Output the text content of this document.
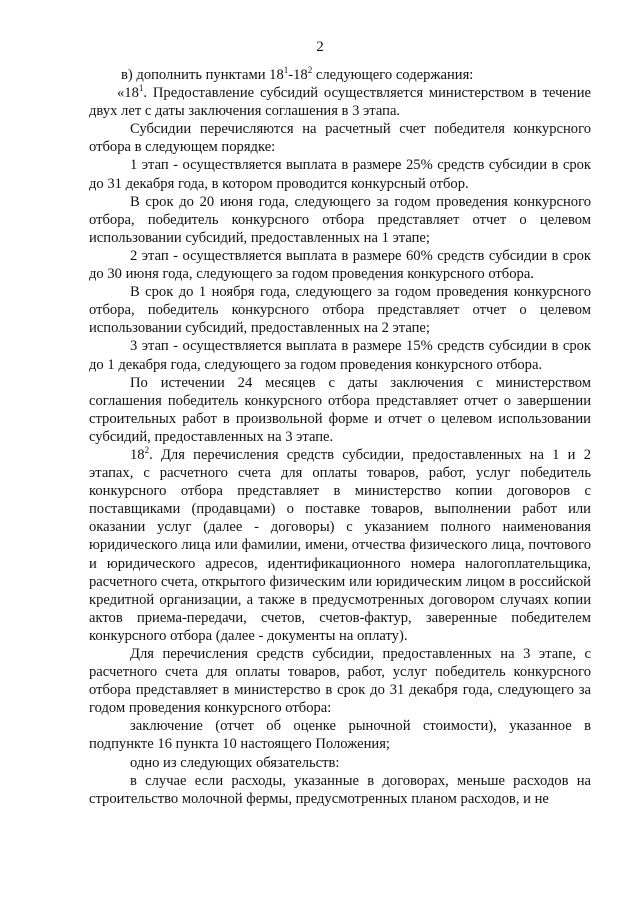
2

в) дополнить пунктами $18^1-18^2$ следующего содержания:

«$18^1$. Предоставление субсидий осуществляется министерством в течение двух лет с даты заключения соглашения в 3 этапа.

Субсидии перечисляются на расчетный счет победителя конкурсного отбора в следующем порядке:

1 этап - осуществляется выплата в размере 25% средств субсидии в срок до 31 декабря года, в котором проводится конкурсный отбор.

В срок до 20 июня года, следующего за годом проведения конкурсного отбора, победитель конкурсного отбора представляет отчет о целевом использовании субсидий, предоставленных на 1 этапе;

2 этап - осуществляется выплата в размере 60% средств субсидии в срок до 30 июня года, следующего за годом проведения конкурсного отбора.

В срок до 1 ноября года, следующего за годом проведения конкурсного отбора, победитель конкурсного отбора представляет отчет о целевом использовании субсидий, предоставленных на 2 этапе;

3 этап - осуществляется выплата в размере 15% средств субсидии в срок до 1 декабря года, следующего за годом проведения конкурсного отбора.

По истечении 24 месяцев с даты заключения с министерством соглашения победитель конкурсного отбора представляет отчет о завершении строительных работ в произвольной форме и отчет о целевом использовании субсидий, предоставленных на 3 этапе.

$18^2$. Для перечисления средств субсидии, предоставленных на 1 и 2 этапах, с расчетного счета для оплаты товаров, работ, услуг победитель конкурсного отбора представляет в министерство копии договоров с поставщиками (продавцами) о поставке товаров, выполнении работ или оказании услуг (далее - договоры) с указанием полного наименования юридического лица или фамилии, имени, отчества физического лица, почтового и юридического адресов, идентификационного номера налогоплательщика, расчетного счета, открытого физическим или юридическим лицом в российской кредитной организации, а также в предусмотренных договором случаях копии актов приема-передачи, счетов, счетов-фактур, заверенные победителем конкурсного отбора (далее - документы на оплату).

Для перечисления средств субсидии, предоставленных на 3 этапе, с расчетного счета для оплаты товаров, работ, услуг победитель конкурсного отбора представляет в министерство в срок до 31 декабря года, следующего за годом проведения конкурсного отбора:

заключение (отчет об оценке рыночной стоимости), указанное в подпункте 16 пункта 10 настоящего Положения;

одно из следующих обязательств:

в случае если расходы, указанные в договорах, меньше расходов на строительство молочной фермы, предусмотренных планом расходов, и не
